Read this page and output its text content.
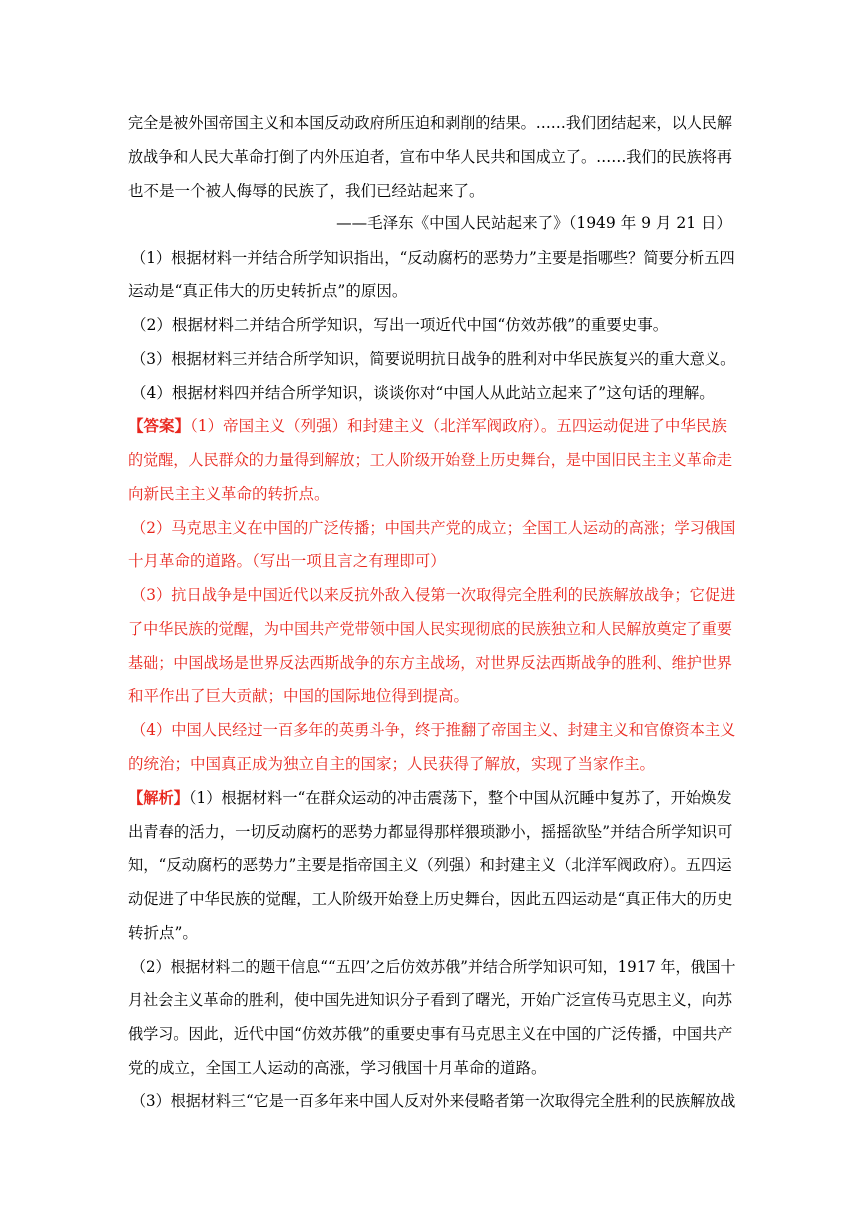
完全是被外国帝国主义和本国反动政府所压迫和剥削的结果。……我们团结起来，以人民解
放战争和人民大革命打倒了内外压迫者，宣布中华人民共和国成立了。……我们的民族将再
也不是一个被人侮辱的民族了，我们已经站起来了。
——毛泽东《中国人民站起来了》（1949 年 9 月 21 日）
（1）根据材料一并结合所学知识指出，“反动腐朽的恶势力”主要是指哪些？简要分析五四
运动是“真正伟大的历史转折点”的原因。
（2）根据材料二并结合所学知识，写出一项近代中国“仿效苏俄”的重要史事。
（3）根据材料三并结合所学知识，简要说明抗日战争的胜利对中华民族复兴的重大意义。
（4）根据材料四并结合所学知识，谈谈你对“中国人从此站立起来了”这句话的理解。
【答案】（1）帝国主义（列强）和封建主义（北洋军阀政府）。五四运动促进了中华民族
的觉醒，人民群众的力量得到解放；工人阶级开始登上历史舞台，是中国旧民主主义革命走
向新民主主义革命的转折点。
（2）马克思主义在中国的广泛传播；中国共产党的成立；全国工人运动的高涨；学习俄国
十月革命的道路。（写出一项且言之有理即可）
（3）抗日战争是中国近代以来反抗外敌入侵第一次取得完全胜利的民族解放战争；它促进
了中华民族的觉醒，为中国共产党带领中国人民实现彻底的民族独立和人民解放奠定了重要
基础；中国战场是世界反法西斯战争的东方主战场，对世界反法西斯战争的胜利、维护世界
和平作出了巨大贡献；中国的国际地位得到提高。
（4）中国人民经过一百多年的英勇斗争，终于推翻了帝国主义、封建主义和官僚资本主义
的统治；中国真正成为独立自主的国家；人民获得了解放，实现了当家作主。
【解析】（1）根据材料一“在群众运动的冲击震荡下，整个中国从沉睡中复苏了，开始焕发
出青春的活力，一切反动腐朽的恶势力都显得那样猥琐渺小，摇摇欲坠”并结合所学知识可
知，“反动腐朽的恶势力”主要是指帝国主义（列强）和封建主义（北洋军阀政府）。五四运
动促进了中华民族的觉醒，工人阶级开始登上历史舞台，因此五四运动是“真正伟大的历史
转折点”。
（2）根据材料二的题干信息““五四’之后仿效苏俄”并结合所学知识可知，1917 年，俄国十
月社会主义革命的胜利，使中国先进知识分子看到了曙光，开始广泛宣传马克思主义，向苏
俄学习。因此，近代中国“仿效苏俄”的重要史事有马克思主义在中国的广泛传播，中国共产
党的成立，全国工人运动的高涨，学习俄国十月革命的道路。
（3）根据材料三“它是一百多年来中国人反对外来侵略者第一次取得完全胜利的民族解放战
